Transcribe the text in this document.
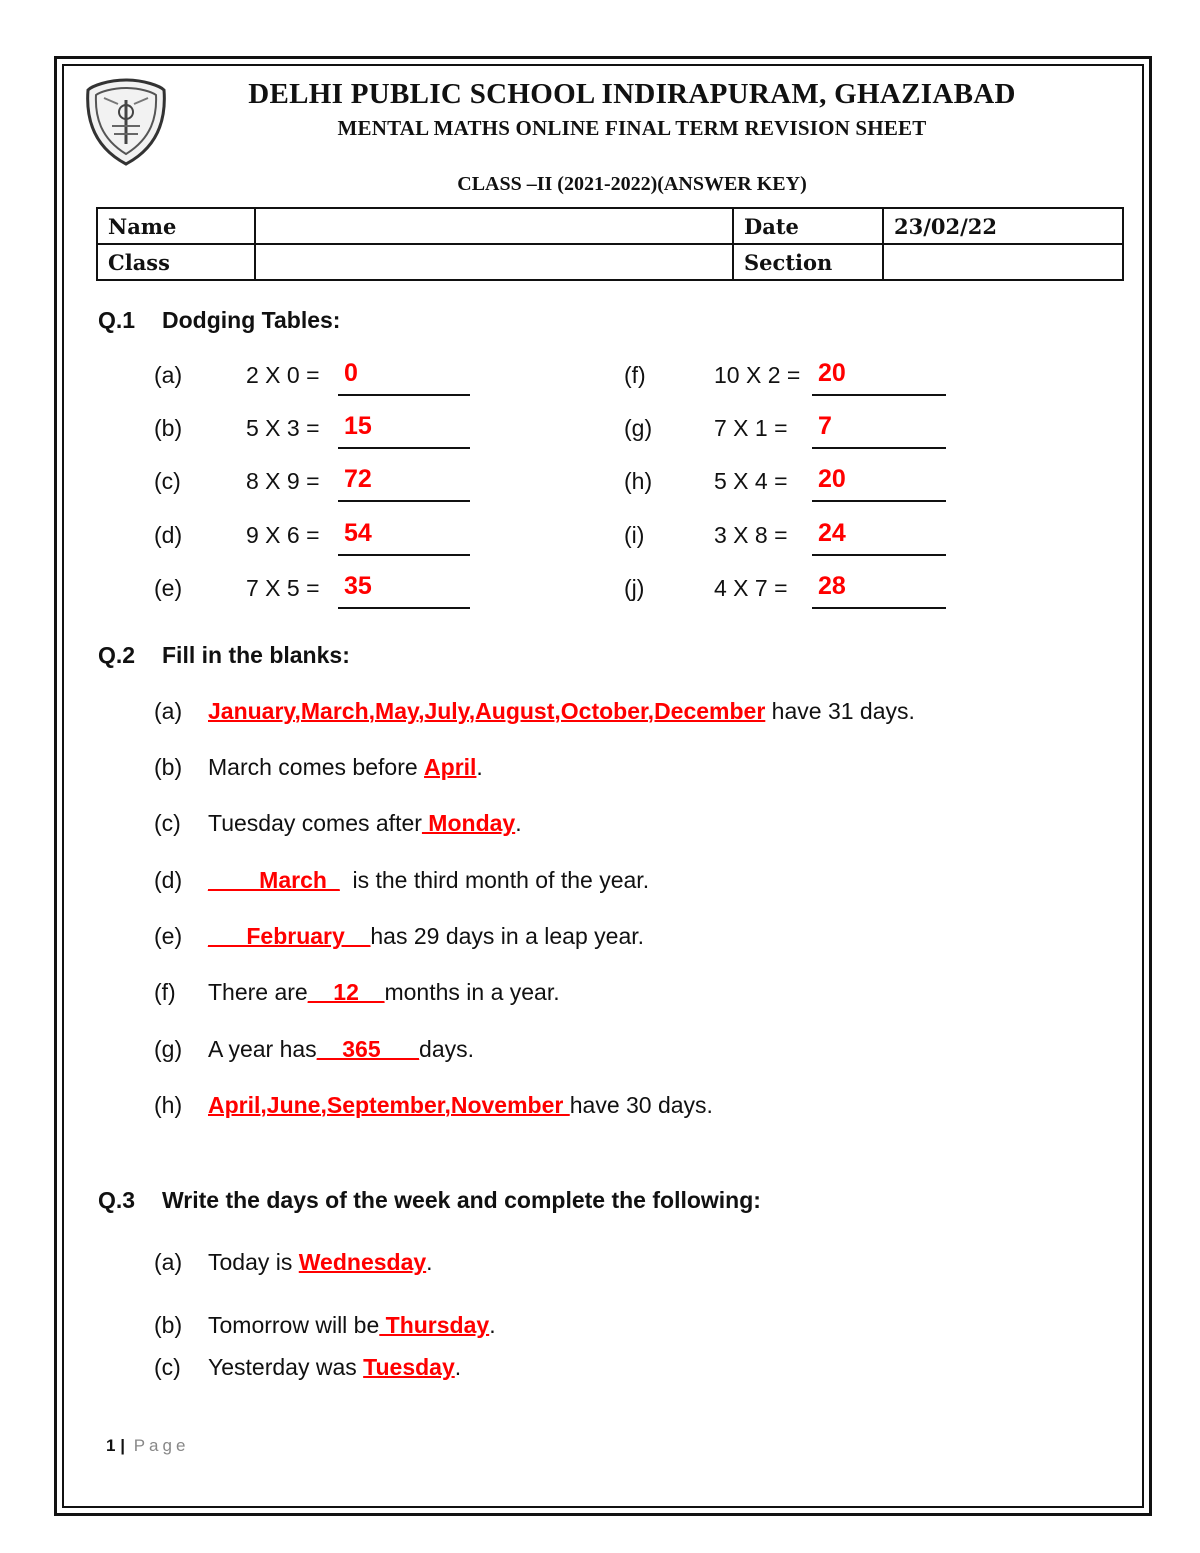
DELHI PUBLIC SCHOOL INDIRAPURAM, GHAZIABAD
MENTAL MATHS ONLINE FINAL TERM REVISION SHEET
CLASS –II (2021-2022)(ANSWER KEY)
Name		Date	23/02/22
Class		Section	
Q.1 Dodging Tables:
(a)	2 X 0 = 0
(b)	5 X 3 = 15
(c)	8 X 9 = 72
(d)	9 X 6 = 54
(e)	7 X 5 = 35
(f)	10 X 2 = 20
(g)	7 X 1 = 7
(h)	5 X 4 = 20
(i)	3 X 8 = 24
(j)	4 X 7 = 28
Q.2 Fill in the blanks:
(a) January,March,May,July,August,October,December have 31 days.
(b) March comes before April.
(c) Tuesday comes after Monday.
(d) ____March_  is the third month of the year.
(e) ___February__has 29 days in a leap year.
(f) There are__12__months in a year.
(g) A year has__365___days.
(h) April,June,September,November have 30 days.
Q.3 Write the days of the week and complete the following:
(a) Today is Wednesday.
(b) Tomorrow will be Thursday.
(c) Yesterday was Tuesday.
1 | Page
